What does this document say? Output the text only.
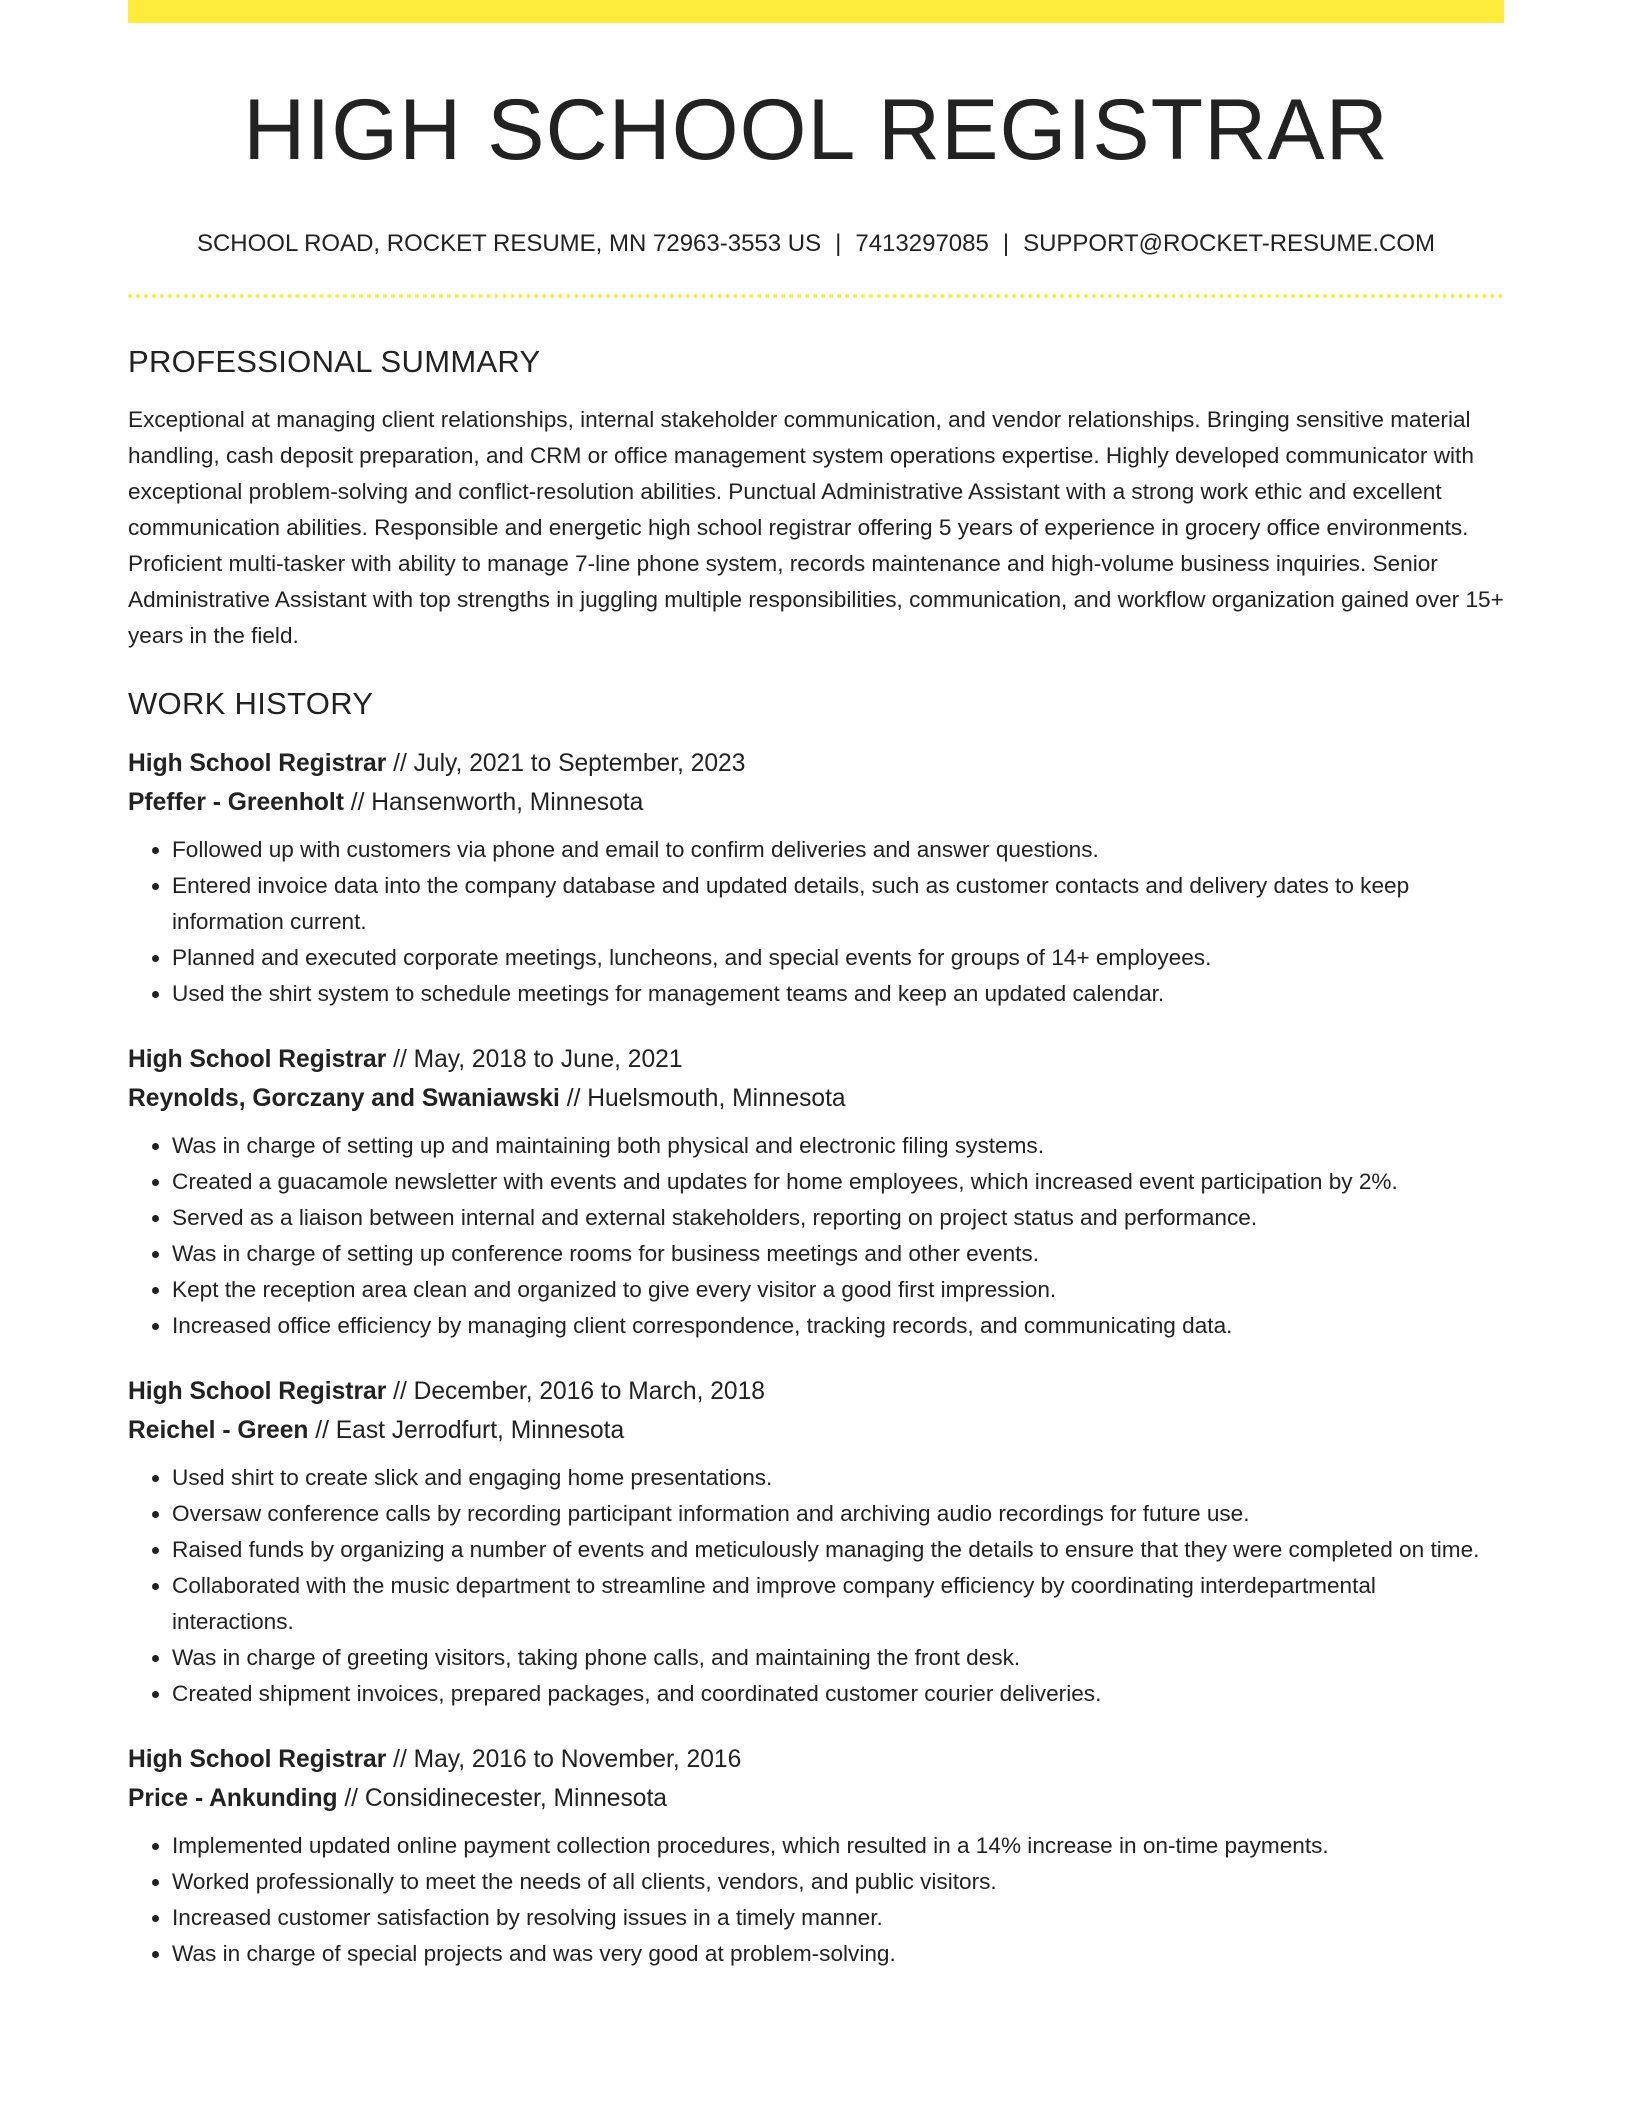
HIGH SCHOOL REGISTRAR
SCHOOL ROAD, ROCKET RESUME, MN 72963-3553 US | 7413297085 | SUPPORT@ROCKET-RESUME.COM
PROFESSIONAL SUMMARY

Exceptional at managing client relationships, internal stakeholder communication, and vendor relationships. Bringing sensitive material handling, cash deposit preparation, and CRM or office management system operations expertise. Highly developed communicator with exceptional problem-solving and conflict-resolution abilities. Punctual Administrative Assistant with a strong work ethic and excellent communication abilities. Responsible and energetic high school registrar offering 5 years of experience in grocery office environments. Proficient multi-tasker with ability to manage 7-line phone system, records maintenance and high-volume business inquiries. Senior Administrative Assistant with top strengths in juggling multiple responsibilities, communication, and workflow organization gained over 15+ years in the field.

WORK HISTORY
High School Registrar // July, 2021 to September, 2023
Pfeffer - Greenholt // Hansenworth, Minnesota
• Followed up with customers via phone and email to confirm deliveries and answer questions.
• Entered invoice data into the company database and updated details, such as customer contacts and delivery dates to keep information current.
• Planned and executed corporate meetings, luncheons, and special events for groups of 14+ employees.
• Used the shirt system to schedule meetings for management teams and keep an updated calendar.
High School Registrar // May, 2018 to June, 2021
Reynolds, Gorczany and Swaniawski // Huelsmouth, Minnesota
• Was in charge of setting up and maintaining both physical and electronic filing systems.
• Created a guacamole newsletter with events and updates for home employees, which increased event participation by 2%.
• Served as a liaison between internal and external stakeholders, reporting on project status and performance.
• Was in charge of setting up conference rooms for business meetings and other events.
• Kept the reception area clean and organized to give every visitor a good first impression.
• Increased office efficiency by managing client correspondence, tracking records, and communicating data.
High School Registrar // December, 2016 to March, 2018
Reichel - Green // East Jerrodfurt, Minnesota
• Used shirt to create slick and engaging home presentations.
• Oversaw conference calls by recording participant information and archiving audio recordings for future use.
• Raised funds by organizing a number of events and meticulously managing the details to ensure that they were completed on time.
• Collaborated with the music department to streamline and improve company efficiency by coordinating interdepartmental interactions.
• Was in charge of greeting visitors, taking phone calls, and maintaining the front desk.
• Created shipment invoices, prepared packages, and coordinated customer courier deliveries.
High School Registrar // May, 2016 to November, 2016
Price - Ankunding // Considinecester, Minnesota
• Implemented updated online payment collection procedures, which resulted in a 14% increase in on-time payments.
• Worked professionally to meet the needs of all clients, vendors, and public visitors.
• Increased customer satisfaction by resolving issues in a timely manner.
• Was in charge of special projects and was very good at problem-solving.
